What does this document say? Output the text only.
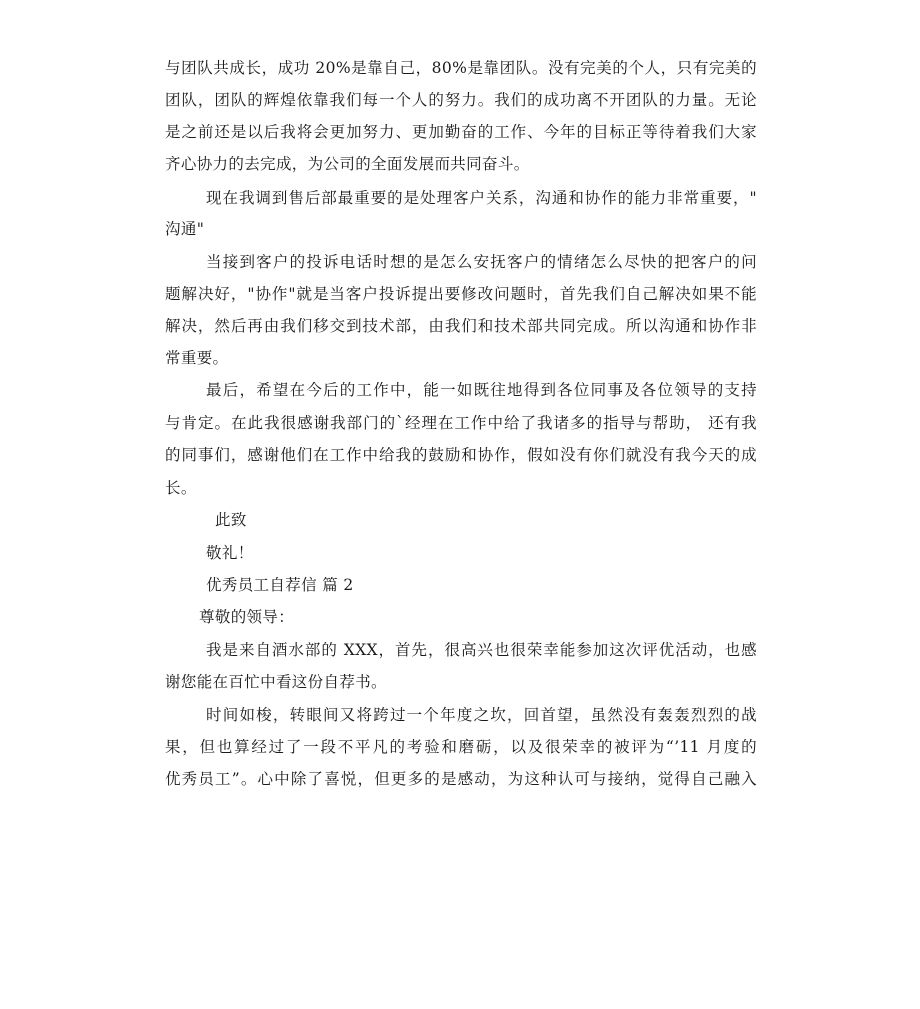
与团队共成长，成功 20%是靠自己，80%是靠团队。没有完美的个人，只有完美的
团队，团队的辉煌依靠我们每一个人的努力。我们的成功离不开团队的力量。无论
是之前还是以后我将会更加努力、更加勤奋的工作、今年的目标正等待着我们大家
齐心协力的去完成，为公司的全面发展而共同奋斗。
现在我调到售后部最重要的是处理客户关系，沟通和协作的能力非常重要，"
沟通"
当接到客户的投诉电话时想的是怎么安抚客户的情绪怎么尽快的把客户的问
题解决好，"协作"就是当客户投诉提出要修改问题时，首先我们自己解决如果不能
解决，然后再由我们移交到技术部，由我们和技术部共同完成。所以沟通和协作非
常重要。
最后，希望在今后的工作中，能一如既往地得到各位同事及各位领导的支持
与肯定。在此我很感谢我部门的`经理在工作中给了我诸多的指导与帮助， 还有我
的同事们，感谢他们在工作中给我的鼓励和协作，假如没有你们就没有我今天的成
长。
此致
敬礼！
优秀员工自荐信 篇 2
尊敬的领导：
我是来自酒水部的 XXX，首先，很高兴也很荣幸能参加这次评优活动，也感
谢您能在百忙中看这份自荐书。
时间如梭，转眼间又将跨过一个年度之坎，回首望，虽然没有轰轰烈烈的战
果，但也算经过了一段不平凡的考验和磨砺，以及很荣幸的被评为“’11 月度的
优秀员工”。心中除了喜悦，但更多的是感动，为这种认可与接纳，觉得自己融入
